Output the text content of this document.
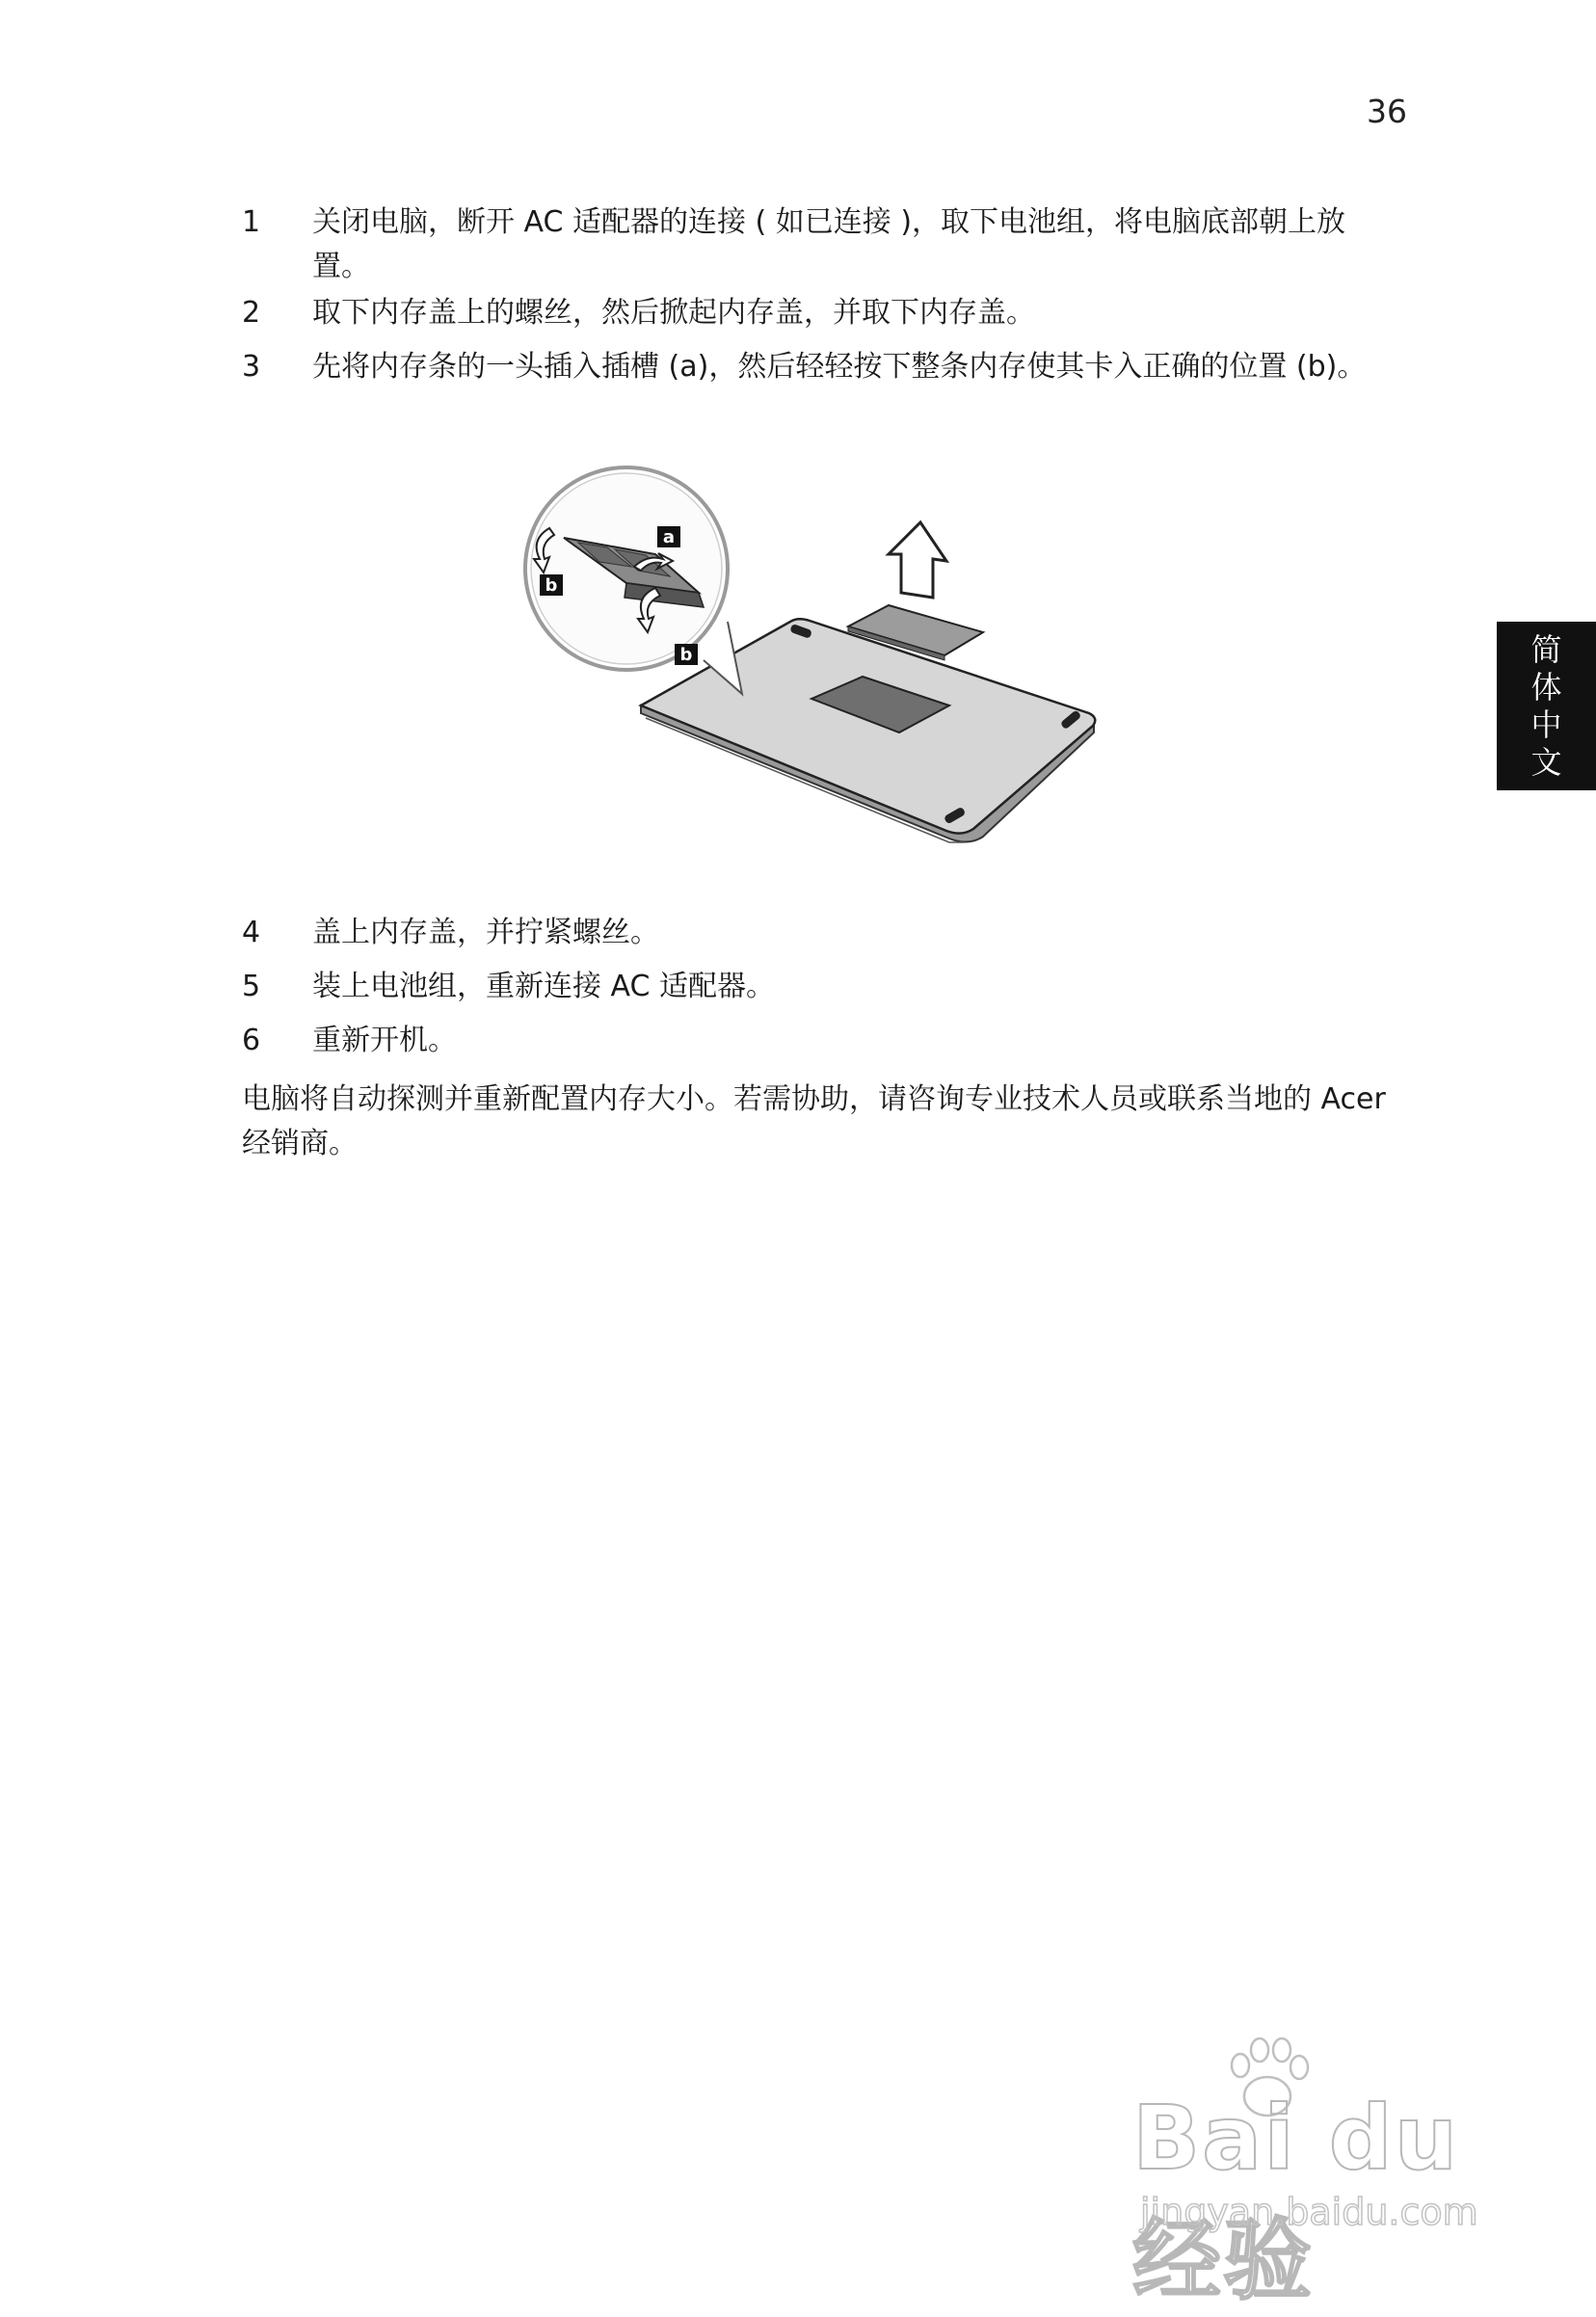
36
简
体
中
文
1	关闭电脑，断开 AC 适配器的连接 ( 如已连接 )，取下电池组，将电脑底部朝上放置。
2	取下内存盖上的螺丝，然后掀起内存盖，并取下内存盖。
3	先将内存条的一头插入插槽 (a)，然后轻轻按下整条内存使其卡入正确的位置 (b)。
4	盖上内存盖，并拧紧螺丝。
5	装上电池组，重新连接 AC 适配器。
6	重新开机。
a
b
b
电脑将自动探测并重新配置内存大小。若需协助，请咨询专业技术人员或联系当地的 Acer 经销商。
Bai du 经验
jingyan.baidu.com
